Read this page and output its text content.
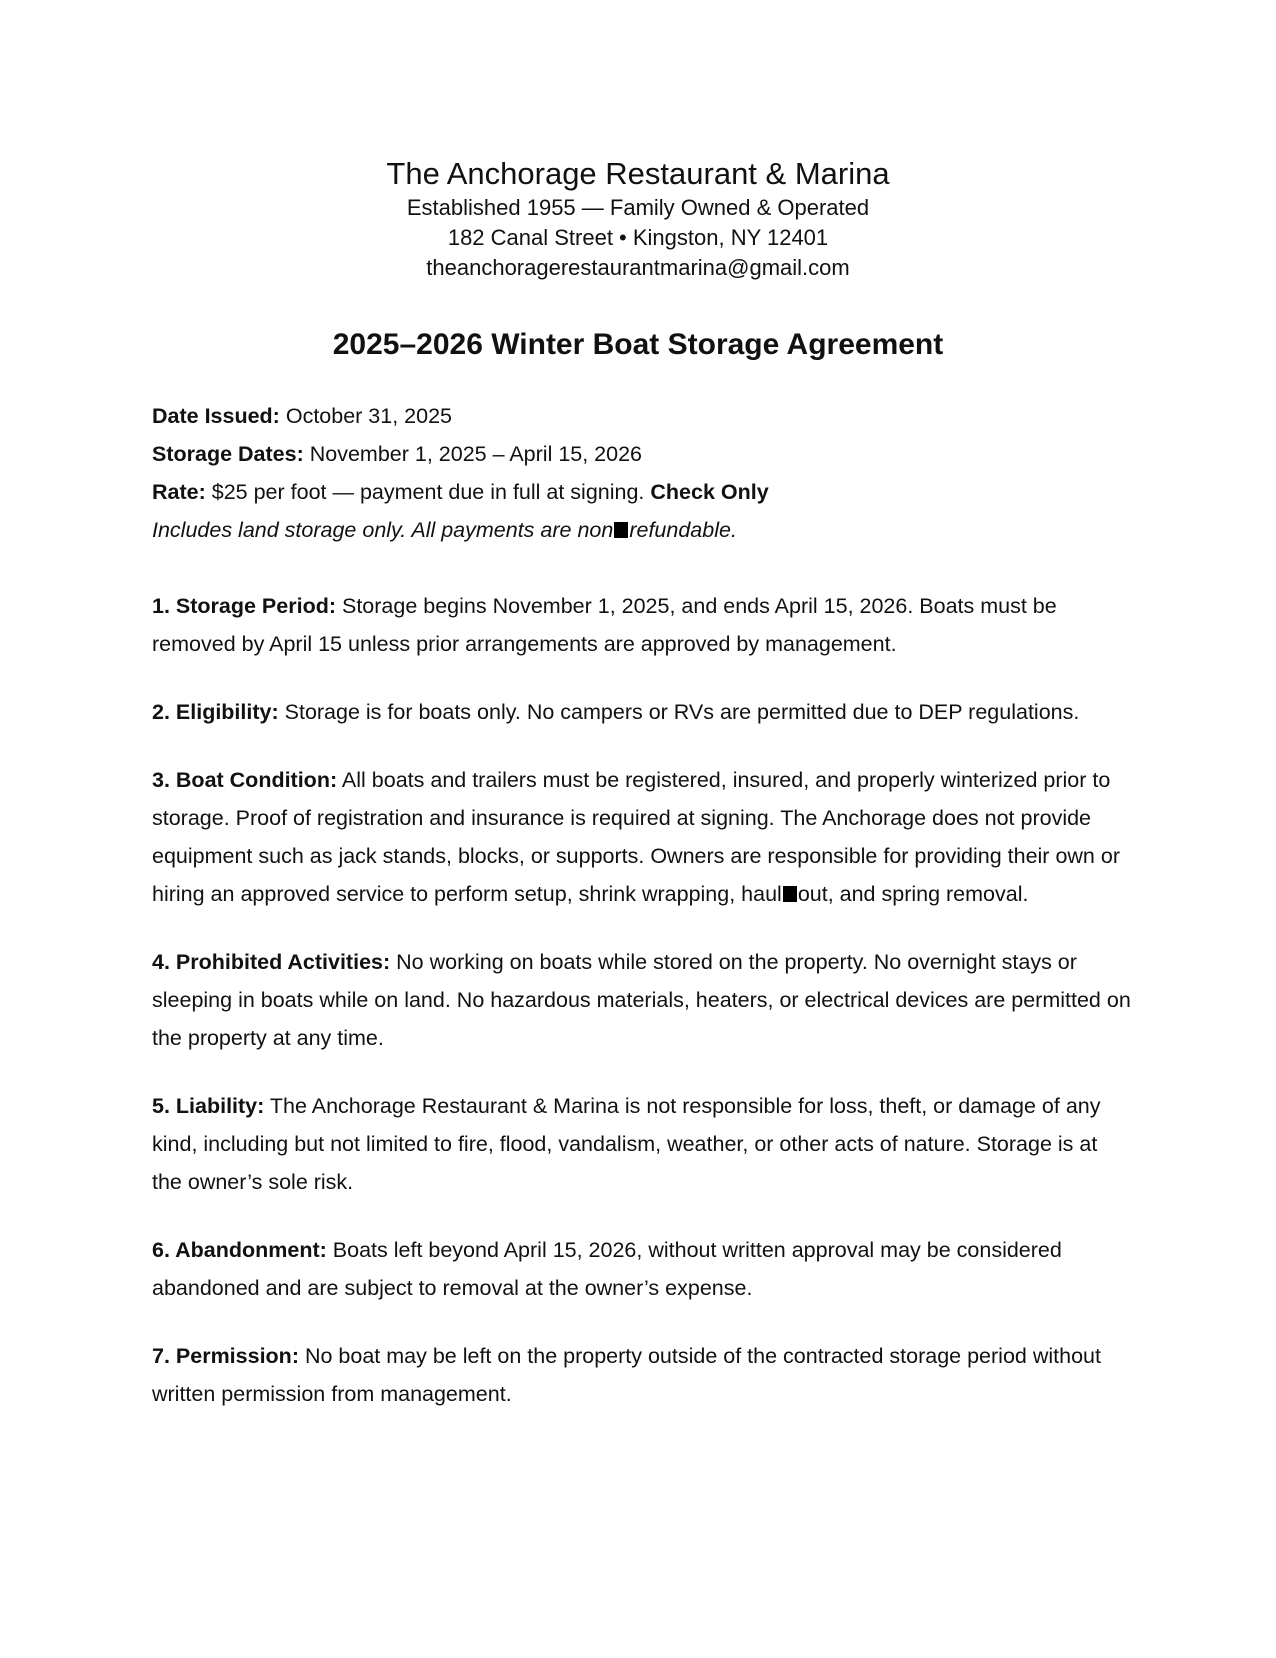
The Anchorage Restaurant & Marina
Established 1955 — Family Owned & Operated
182 Canal Street • Kingston, NY 12401
theanchoragerestaurantmarina@gmail.com
2025–2026 Winter Boat Storage Agreement
Date Issued: October 31, 2025
Storage Dates: November 1, 2025 – April 15, 2026
Rate: $25 per foot — payment due in full at signing. Check Only
Includes land storage only. All payments are non refundable.

1. Storage Period: Storage begins November 1, 2025, and ends April 15, 2026. Boats must be removed by April 15 unless prior arrangements are approved by management.

2. Eligibility: Storage is for boats only. No campers or RVs are permitted due to DEP regulations.

3. Boat Condition: All boats and trailers must be registered, insured, and properly winterized prior to storage. Proof of registration and insurance is required at signing. The Anchorage does not provide equipment such as jack stands, blocks, or supports. Owners are responsible for providing their own or hiring an approved service to perform setup, shrink wrapping, haul out, and spring removal.

4. Prohibited Activities: No working on boats while stored on the property. No overnight stays or sleeping in boats while on land. No hazardous materials, heaters, or electrical devices are permitted on the property at any time.

5. Liability: The Anchorage Restaurant & Marina is not responsible for loss, theft, or damage of any kind, including but not limited to fire, flood, vandalism, weather, or other acts of nature. Storage is at the owner’s sole risk.

6. Abandonment: Boats left beyond April 15, 2026, without written approval may be considered abandoned and are subject to removal at the owner’s expense.

7. Permission: No boat may be left on the property outside of the contracted storage period without written permission from management.
